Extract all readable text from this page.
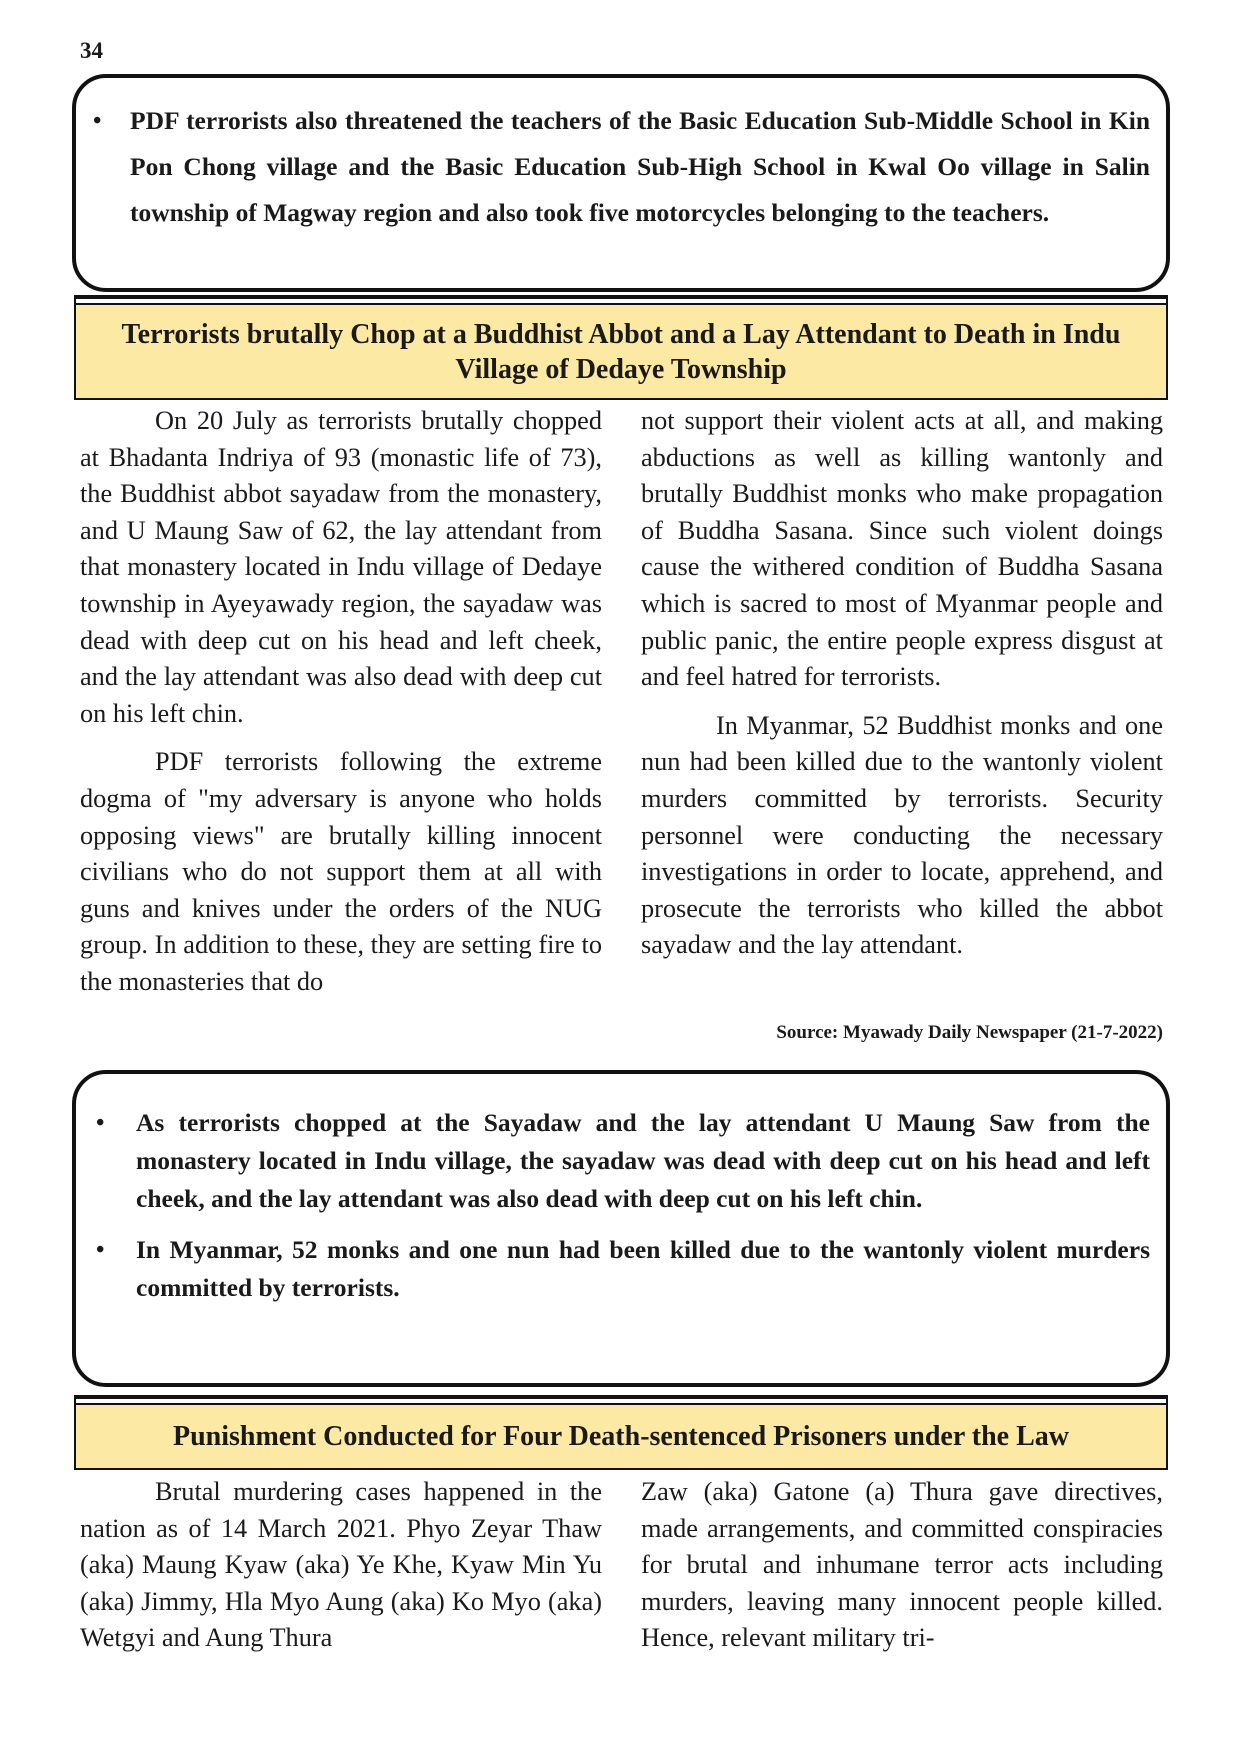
34
• PDF terrorists also threatened the teachers of the Basic Education Sub-Middle School in Kin Pon Chong village and the Basic Education Sub-High School in Kwal Oo village in Salin township of Magway region and also took five motorcycles belonging to the teachers.
Terrorists brutally Chop at a Buddhist Abbot and a Lay Attendant to Death in Indu Village of Dedaye Township

On 20 July as terrorists brutally chopped at Bhadanta Indriya of 93 (monastic life of 73), the Buddhist abbot sayadaw from the monastery, and U Maung Saw of 62, the lay attendant from that monastery located in Indu village of Dedaye township in Ayeyawady region, the sayadaw was dead with deep cut on his head and left cheek, and the lay attendant was also dead with deep cut on his left chin.

PDF terrorists following the extreme dogma of "my adversary is anyone who holds opposing views" are brutally killing innocent civilians who do not support them at all with guns and knives under the orders of the NUG group. In addition to these, they are setting fire to the monasteries that do

not support their violent acts at all, and making abductions as well as killing wantonly and brutally Buddhist monks who make propagation of Buddha Sasana. Since such violent doings cause the withered condition of Buddha Sasana which is sacred to most of Myanmar people and public panic, the entire people express disgust at and feel hatred for terrorists.

In Myanmar, 52 Buddhist monks and one nun had been killed due to the wantonly violent murders committed by terrorists. Security personnel were conducting the necessary investigations in order to locate, apprehend, and prosecute the terrorists who killed the abbot sayadaw and the lay attendant.

Source: Myawady Daily Newspaper (21-7-2022)
• As terrorists chopped at the Sayadaw and the lay attendant U Maung Saw from the monastery located in Indu village, the sayadaw was dead with deep cut on his head and left cheek, and the lay attendant was also dead with deep cut on his left chin.
• In Myanmar, 52 monks and one nun had been killed due to the wantonly violent murders committed by terrorists.
Punishment Conducted for Four Death-sentenced Prisoners under the Law

Brutal murdering cases happened in the nation as of 14 March 2021. Phyo Zeyar Thaw (aka) Maung Kyaw (aka) Ye Khe, Kyaw Min Yu (aka) Jimmy, Hla Myo Aung (aka) Ko Myo (aka) Wetgyi and Aung Thura

Zaw (aka) Gatone (a) Thura gave directives, made arrangements, and committed conspiracies for brutal and inhumane terror acts including murders, leaving many innocent people killed. Hence, relevant military tri-
